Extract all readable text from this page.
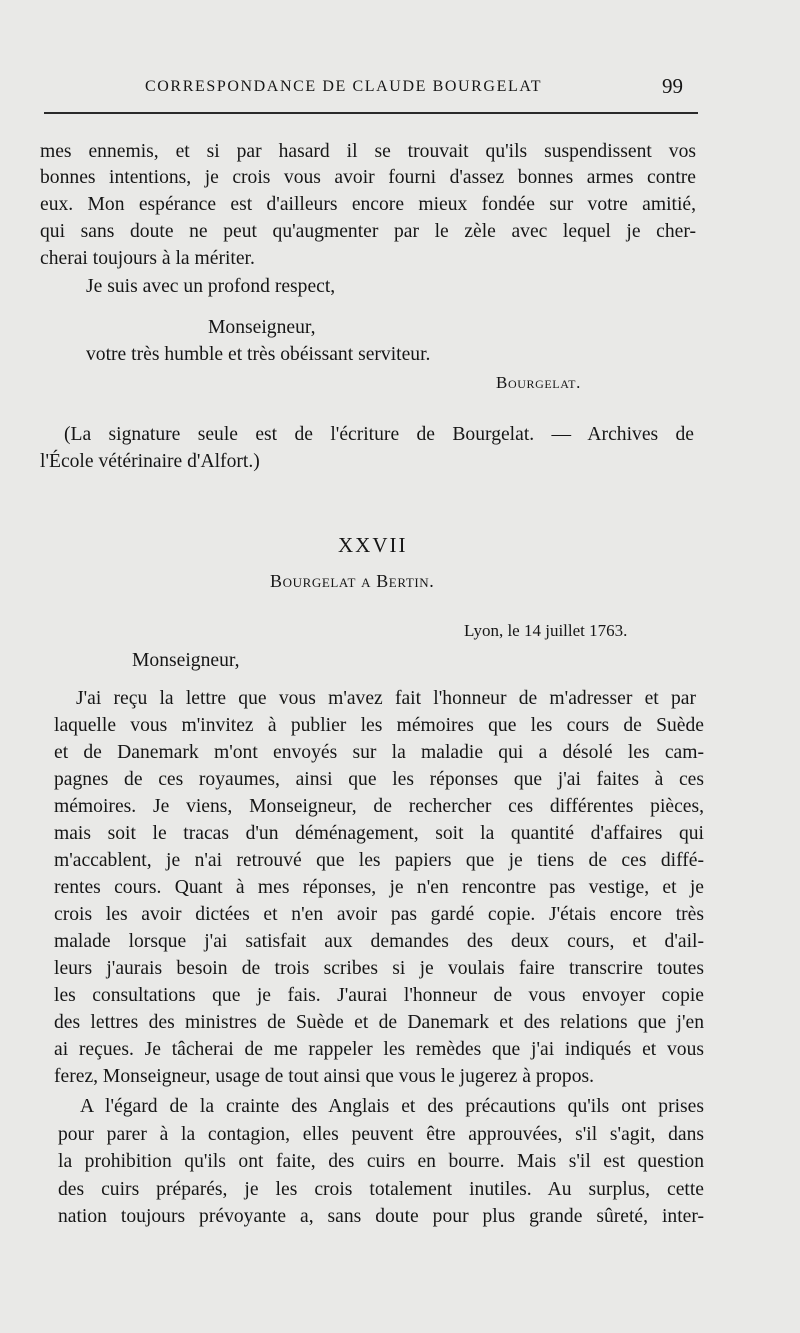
CORRESPONDANCE DE CLAUDE BOURGELAT	99
mes ennemis, et si par hasard il se trouvait qu'ils suspendissent vos
bonnes intentions, je crois vous avoir fourni d'assez bonnes armes contre
eux. Mon espérance est d'ailleurs encore mieux fondée sur votre amitié,
qui sans doute ne peut qu'augmenter par le zèle avec lequel je cher-
cherai toujours à la mériter.
Je suis avec un profond respect,
Monseigneur,
votre très humble et très obéissant serviteur.
Bourgelat.
(La signature seule est de l'écriture de Bourgelat. — Archives de
l'École vétérinaire d'Alfort.)
XXVII
Bourgelat a Bertin.
Lyon, le 14 juillet 1763.
Monseigneur,
J'ai reçu la lettre que vous m'avez fait l'honneur de m'adresser et par
laquelle vous m'invitez à publier les mémoires que les cours de Suède
et de Danemark m'ont envoyés sur la maladie qui a désolé les cam-
pagnes de ces royaumes, ainsi que les réponses que j'ai faites à ces
mémoires. Je viens, Monseigneur, de rechercher ces différentes pièces,
mais soit le tracas d'un déménagement, soit la quantité d'affaires qui
m'accablent, je n'ai retrouvé que les papiers que je tiens de ces diffé-
rentes cours. Quant à mes réponses, je n'en rencontre pas vestige, et je
crois les avoir dictées et n'en avoir pas gardé copie. J'étais encore très
malade lorsque j'ai satisfait aux demandes des deux cours, et d'ail-
leurs j'aurais besoin de trois scribes si je voulais faire transcrire toutes
les consultations que je fais. J'aurai l'honneur de vous envoyer copie
des lettres des ministres de Suède et de Danemark et des relations que j'en
ai reçues. Je tâcherai de me rappeler les remèdes que j'ai indiqués et vous
ferez, Monseigneur, usage de tout ainsi que vous le jugerez à propos.
A l'égard de la crainte des Anglais et des précautions qu'ils ont prises
pour parer à la contagion, elles peuvent être approuvées, s'il s'agit, dans
la prohibition qu'ils ont faite, des cuirs en bourre. Mais s'il est question
des cuirs préparés, je les crois totalement inutiles. Au surplus, cette
nation toujours prévoyante a, sans doute pour plus grande sûreté, inter-
